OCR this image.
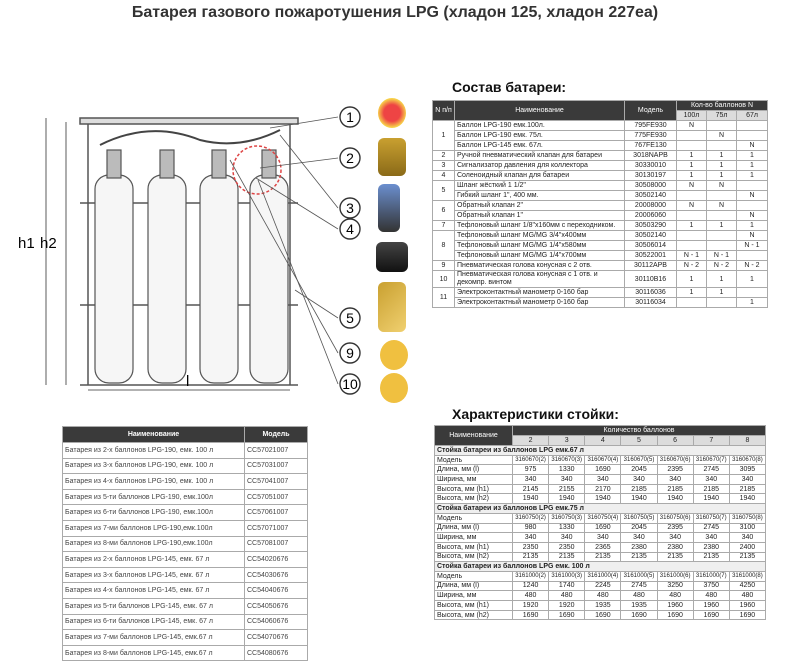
Батарея газового пожаротушения LPG (хладон 125, хладон 227еа)
h1 h2
l
1
2
3
4
5
9
10
Состав батареи:
N п/п	Наименование	Модель	Кол-во баллонов N		
			100л	75л	67л
1	Баллон LPG-190 емк.100л.	795FE930	N		
	Баллон LPG-190 емк. 75л.	775FE930		N	
	Баллон LPG-145 емк. 67л.	767FE130			N
2	Ручной пневматический клапан для батареи	3018NAPB	1	1	1
3	Сигнализатор давления для коллектора	30330010	1	1	1
4	Соленоидный клапан для батареи	30130197	1	1	1
5	Шланг жёсткий 1 1/2"	30508000	N	N	
	Гибкий шланг 1", 400 мм.	30502140			N
6	Обратный клапан 2"	20008000	N	N	
	Обратный клапан 1"	20006060			N
7	Тефлоновый шланг 1/8"x160мм с переходником.	30503290	1	1	1
8	Тефлоновый шланг MG/MG 3/4"x400мм	30502140			N
	Тефлоновый шланг MG/MG 1/4"x580мм	30506014			N - 1
	Тефлоновый шланг MG/MG 1/4"x700мм	30522001	N - 1	N - 1	
9	Пневматическая голова конусная с 2 отв.	30112APB	N - 2	N - 2	N - 2
10	Пневматическая голова конусная с 1 отв. и декомпр. винтом	30110B16	1	1	1
11	Электроконтактный манометр 0-160 бар	30116036	1	1	
	Электроконтактный манометр 0-160 бар	30116034			1
Наименование	Модель
Батарея из 2-х баллонов LPG-190, емк. 100 л	CC57021007
Батарея из 3-х баллонов LPG-190, емк. 100 л	CC57031007
Батарея из 4-х баллонов LPG-190, емк. 100 л	CC57041007
Батарея из 5-ти баллонов LPG-190, емк.100л	CC57051007
Батарея из 6-ти баллонов LPG-190, емк.100л	CC57061007
Батарея из 7-ми баллонов LPG-190,емк.100л	CC57071007
Батарея из 8-ми баллонов LPG-190,емк.100л	CC57081007
Батарея из 2-х баллонов LPG-145, емк. 67 л	CC54020676
Батарея из 3-х баллонов LPG-145, емк. 67 л	CC54030676
Батарея из 4-х баллонов LPG-145, емк. 67 л	CC54040676
Батарея из 5-ти баллонов LPG-145, емк. 67 л	CC54050676
Батарея из 6-ти баллонов LPG-145, емк. 67 л	CC54060676
Батарея из 7-ми баллонов LPG-145, емк.67 л	CC54070676
Батарея из 8-ми баллонов LPG-145, емк.67 л	CC54080676
Характеристики стойки:
Наименование	Количество баллонов						
	2	3	4	5	6	7	8
Стойка батареи из баллонов LPG емк.67 л							
Модель	3160670(2)	3160670(3)	3160670(4)	3160670(5)	3160670(6)	3160670(7)	3160670(8)
Длина, мм (l)	975	1330	1690	2045	2395	2745	3095
Ширина, мм	340	340	340	340	340	340	340
Высота, мм (h1)	2145	2155	2170	2185	2185	2185	2185
Высота, мм (h2)	1940	1940	1940	1940	1940	1940	1940
Стойка батареи из баллонов LPG емк.75 л							
Модель	3160750(2)	3160750(3)	3160750(4)	3160750(5)	3160750(6)	3160750(7)	3160750(8)
Длина, мм (l)	980	1330	1690	2045	2395	2745	3100
Ширина, мм	340	340	340	340	340	340	340
Высота, мм (h1)	2350	2350	2365	2380	2380	2380	2400
Высота, мм (h2)	2135	2135	2135	2135	2135	2135	2135
Стойка батареи из баллонов LPG емк. 100 л							
Модель	3161000(2)	3161000(3)	3161000(4)	3161000(5)	3161000(6)	3161000(7)	3161000(8)
Длина, мм (l)	1240	1740	2245	2745	3250	3750	4250
Ширина, мм	480	480	480	480	480	480	480
Высота, мм (h1)	1920	1920	1935	1935	1960	1960	1960
Высота, мм (h2)	1690	1690	1690	1690	1690	1690	1690
